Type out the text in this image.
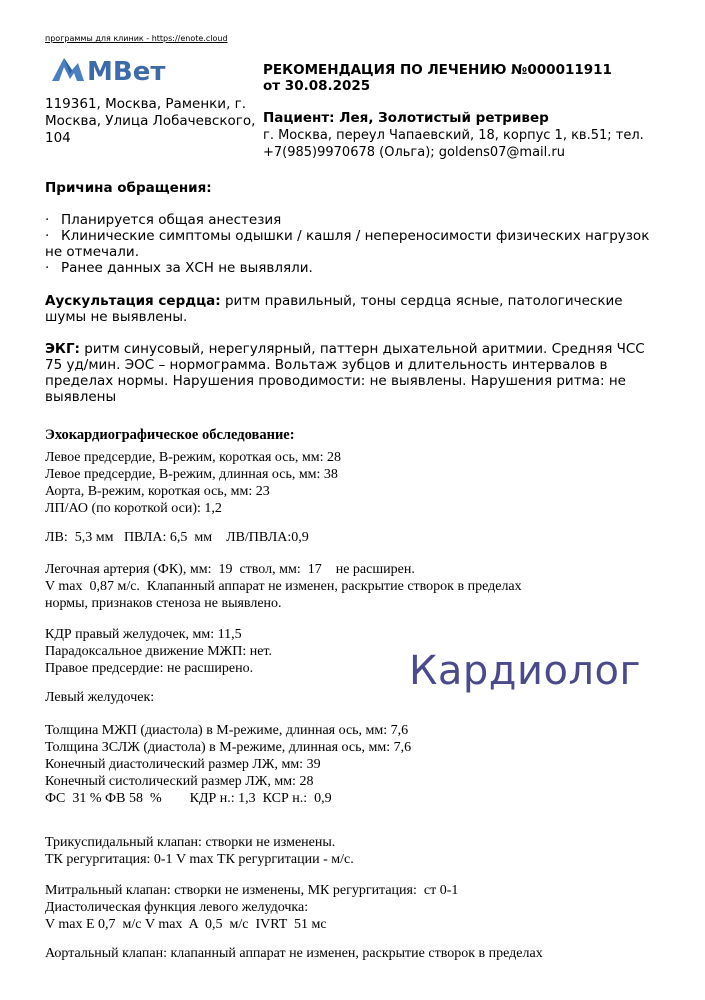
программы для клиник - https://enote.cloud
МВет
119361, Москва, Раменки, г.
Москва, Улица Лобачевского,
104
РЕКОМЕНДАЦИЯ ПО ЛЕЧЕНИЮ №000011911
от 30.08.2025
Пациент: Лея, Золотистый ретривер
г. Москва, переул Чапаевский, 18, корпус 1, кв.51; тел. +7(985)9970678 (Ольга); goldens07@mail.ru
Причина обращения:
· Планируется общая анестезия
· Клинические симптомы одышки / кашля / непереносимости физических нагрузок не отмечали.
· Ранее данных за ХСН не выявляли.
Аускультация сердца: ритм правильный, тоны сердца ясные, патологические шумы не выявлены.
ЭКГ: ритм синусовый, нерегулярный, паттерн дыхательной аритмии. Средняя ЧСС 75 уд/мин. ЭОС – нормограмма. Вольтаж зубцов и длительность интервалов в пределах нормы. Нарушения проводимости: не выявлены. Нарушения ритма: не выявлены
Эхокардиографическое обследование:
Левое предсердие, В-режим, короткая ось, мм: 28
Левое предсердие, В-режим, длинная ось, мм: 38
Аорта, В-режим, короткая ось, мм: 23
ЛП/АО (по короткой оси): 1,2
ЛВ:  5,3 мм   ПВЛА: 6,5  мм    ЛВ/ПВЛА:0,9
Легочная артерия (ФК), мм:  19  ствол, мм:  17    не расширен.
V max  0,87 м/с.  Клапанный аппарат не изменен, раскрытие створок в пределах
нормы, признаков стеноза не выявлено.
КДР правый желудочек, мм: 11,5
Парадоксальное движение МЖП: нет.
Правое предсердие: не расширено.	Кардиолог
Левый желудочек:
Толщина МЖП (диастола) в М-режиме, длинная ось, мм: 7,6
Толщина ЗСЛЖ (диастола) в М-режиме, длинная ось, мм: 7,6
Конечный диастолический размер ЛЖ, мм: 39
Конечный систолический размер ЛЖ, мм: 28
ФС  31 % ФВ 58  %        КДР н.: 1,3  КСР н.:  0,9
Трикуспидальный клапан: створки не изменены.
ТК регургитация: 0-1 V max ТК регургитации - м/с.
Митральный клапан: створки не изменены, МК регургитация:  ст 0-1
Диастолическая функция левого желудочка:
V max E 0,7  м/с V max  A  0,5  м/с  IVRT  51 мс
Аортальный клапан: клапанный аппарат не изменен, раскрытие створок в пределах
